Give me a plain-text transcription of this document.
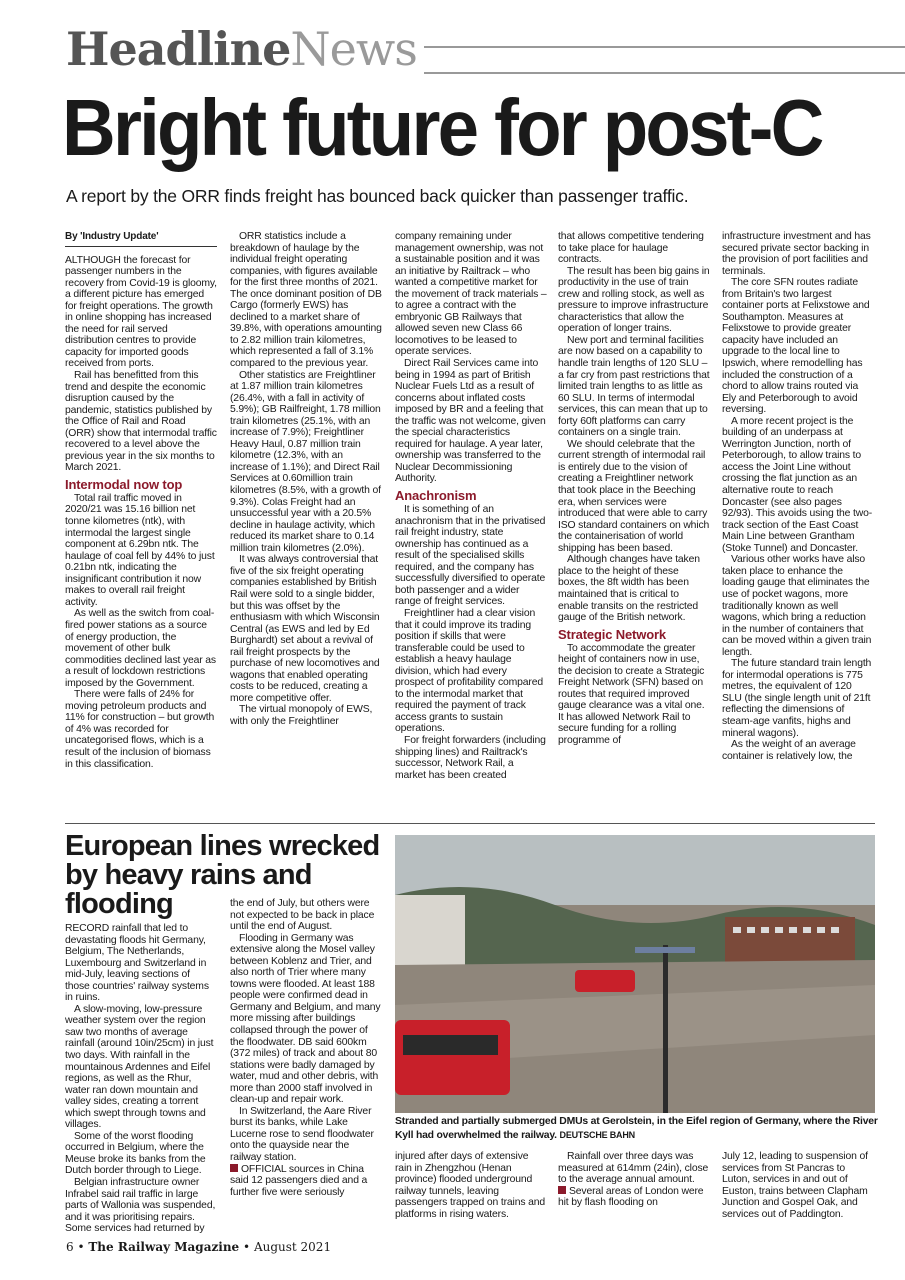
HeadlineNews
Bright future for post-C
A report by the ORR finds freight has bounced back quicker than passenger traffic.
By 'Industry Update'

ALTHOUGH the forecast for passenger numbers in the recovery from Covid-19 is gloomy, a different picture has emerged for freight operations. The growth in online shopping has increased the need for rail served distribution centres to provide capacity for imported goods received from ports.

Rail has benefitted from this trend and despite the economic disruption caused by the pandemic, statistics published by the Office of Rail and Road (ORR) show that intermodal traffic recovered to a level above the previous year in the six months to March 2021.

Intermodal now top

Total rail traffic moved in 2020/21 was 15.16 billion net tonne kilometres (ntk), with intermodal the largest single component at 6.29bn ntk. The haulage of coal fell by 44% to just 0.21bn ntk, indicating the insignificant contribution it now makes to overall rail freight activity.

As well as the switch from coal-fired power stations as a source of energy production, the movement of other bulk commodities declined last year as a result of lockdown restrictions imposed by the Government.

There were falls of 24% for moving petroleum products and 11% for construction – but growth of 4% was recorded for uncategorised flows, which is a result of the inclusion of biomass in this classification.

ORR statistics include a breakdown of haulage by the individual freight operating companies, with figures available for the first three months of 2021. The once dominant position of DB Cargo (formerly EWS) has declined to a market share of 39.8%, with operations amounting to 2.82 million train kilometres, which represented a fall of 3.1% compared to the previous year.

Other statistics are Freightliner at 1.87 million train kilometres (26.4%, with a fall in activity of 5.9%); GB Railfreight, 1.78 million train kilometres (25.1%, with an increase of 7.9%); Freightliner Heavy Haul, 0.87 million train kilometre (12.3%, with an increase of 1.1%); and Direct Rail Services at 0.60million train kilometres (8.5%, with a growth of 9.3%). Colas Freight had an unsuccessful year with a 20.5% decline in haulage activity, which reduced its market share to 0.14 million train kilometres (2.0%).

It was always controversial that five of the six freight operating companies established by British Rail were sold to a single bidder, but this was offset by the enthusiasm with which Wisconsin Central (as EWS and led by Ed Burghardt) set about a revival of rail freight prospects by the purchase of new locomotives and wagons that enabled operating costs to be reduced, creating a more competitive offer.

The virtual monopoly of EWS, with only the Freightliner

company remaining under management ownership, was not a sustainable position and it was an initiative by Railtrack – who wanted a competitive market for the movement of track materials – to agree a contract with the embryonic GB Railways that allowed seven new Class 66 locomotives to be leased to operate services.

Direct Rail Services came into being in 1994 as part of British Nuclear Fuels Ltd as a result of concerns about inflated costs imposed by BR and a feeling that the traffic was not welcome, given the special characteristics required for haulage. A year later, ownership was transferred to the Nuclear Decommissioning Authority.

Anachronism

It is something of an anachronism that in the privatised rail freight industry, state ownership has continued as a result of the specialised skills required, and the company has successfully diversified to operate both passenger and a wider range of freight services.

Freightliner had a clear vision that it could improve its trading position if skills that were transferable could be used to establish a heavy haulage division, which had every prospect of profitability compared to the intermodal market that required the payment of track access grants to sustain operations.

For freight forwarders (including shipping lines) and Railtrack's successor, Network Rail, a market has been created

that allows competitive tendering to take place for haulage contracts.

The result has been big gains in productivity in the use of train crew and rolling stock, as well as pressure to improve infrastructure characteristics that allow the operation of longer trains.

New port and terminal facilities are now based on a capability to handle train lengths of 120 SLU – a far cry from past restrictions that limited train lengths to as little as 60 SLU. In terms of intermodal services, this can mean that up to forty 60ft platforms can carry containers on a single train.

We should celebrate that the current strength of intermodal rail is entirely due to the vision of creating a Freightliner network that took place in the Beeching era, when services were introduced that were able to carry ISO standard containers on which the containerisation of world shipping has been based.

Although changes have taken place to the height of these boxes, the 8ft width has been maintained that is critical to enable transits on the restricted gauge of the British network.

Strategic Network

To accommodate the greater height of containers now in use, the decision to create a Strategic Freight Network (SFN) based on routes that required improved gauge clearance was a vital one. It has allowed Network Rail to secure funding for a rolling programme of

infrastructure investment and has secured private sector backing in the provision of port facilities and terminals.

The core SFN routes radiate from Britain's two largest container ports at Felixstowe and Southampton. Measures at Felixstowe to provide greater capacity have included an upgrade to the local line to Ipswich, where remodelling has included the construction of a chord to allow trains routed via Ely and Peterborough to avoid reversing.

A more recent project is the building of an underpass at Werrington Junction, north of Peterborough, to allow trains to access the Joint Line without crossing the flat junction as an alternative route to reach Doncaster (see also pages 92/93). This avoids using the two-track section of the East Coast Main Line between Grantham (Stoke Tunnel) and Doncaster.

Various other works have also taken place to enhance the loading gauge that eliminates the use of pocket wagons, more traditionally known as well wagons, which bring a reduction in the number of containers that can be moved within a given train length.

The future standard train length for intermodal operations is 775 metres, the equivalent of 120 SLU (the single length unit of 21ft reflecting the dimensions of steam-age vanfits, highs and mineral wagons).

As the weight of an average container is relatively low, the

European lines wrecked by heavy rains and flooding
Stranded and partially submerged DMUs at Gerolstein, in the Eifel region of Germany, where the River Kyll had overwhelmed the railway. DEUTSCHE BAHN

RECORD rainfall that led to devastating floods hit Germany, Belgium, The Netherlands, Luxembourg and Switzerland in mid-July, leaving sections of those countries' railway systems in ruins.

A slow-moving, low-pressure weather system over the region saw two months of average rainfall (around 10in/25cm) in just two days. With rainfall in the mountainous Ardennes and Eifel regions, as well as the Rhur, water ran down mountain and valley sides, creating a torrent which swept through towns and villages.

Some of the worst flooding occurred in Belgium, where the Meuse broke its banks from the Dutch border through to Liege.

Belgian infrastructure owner Infrabel said rail traffic in large parts of Wallonia was suspended, and it was prioritising repairs. Some services had returned by

the end of July, but others were not expected to be back in place until the end of August.

Flooding in Germany was extensive along the Mosel valley between Koblenz and Trier, and also north of Trier where many towns were flooded. At least 188 people were confirmed dead in Germany and Belgium, and many more missing after buildings collapsed through the power of the floodwater. DB said 600km (372 miles) of track and about 80 stations were badly damaged by water, mud and other debris, with more than 2000 staff involved in clean-up and repair work.

In Switzerland, the Aare River burst its banks, while Lake Lucerne rose to send floodwater onto the quayside near the railway station.

OFFICIAL sources in China said 12 passengers died and a further five were seriously

injured after days of extensive rain in Zhengzhou (Henan province) flooded underground railway tunnels, leaving passengers trapped on trains and platforms in rising waters.

Rainfall over three days was measured at 614mm (24in), close to the average annual amount.

Several areas of London were hit by flash flooding on

July 12, leading to suspension of services from St Pancras to Luton, services in and out of Euston, trains between Clapham Junction and Gospel Oak, and services out of Paddington.

6 • The Railway Magazine • August 2021
